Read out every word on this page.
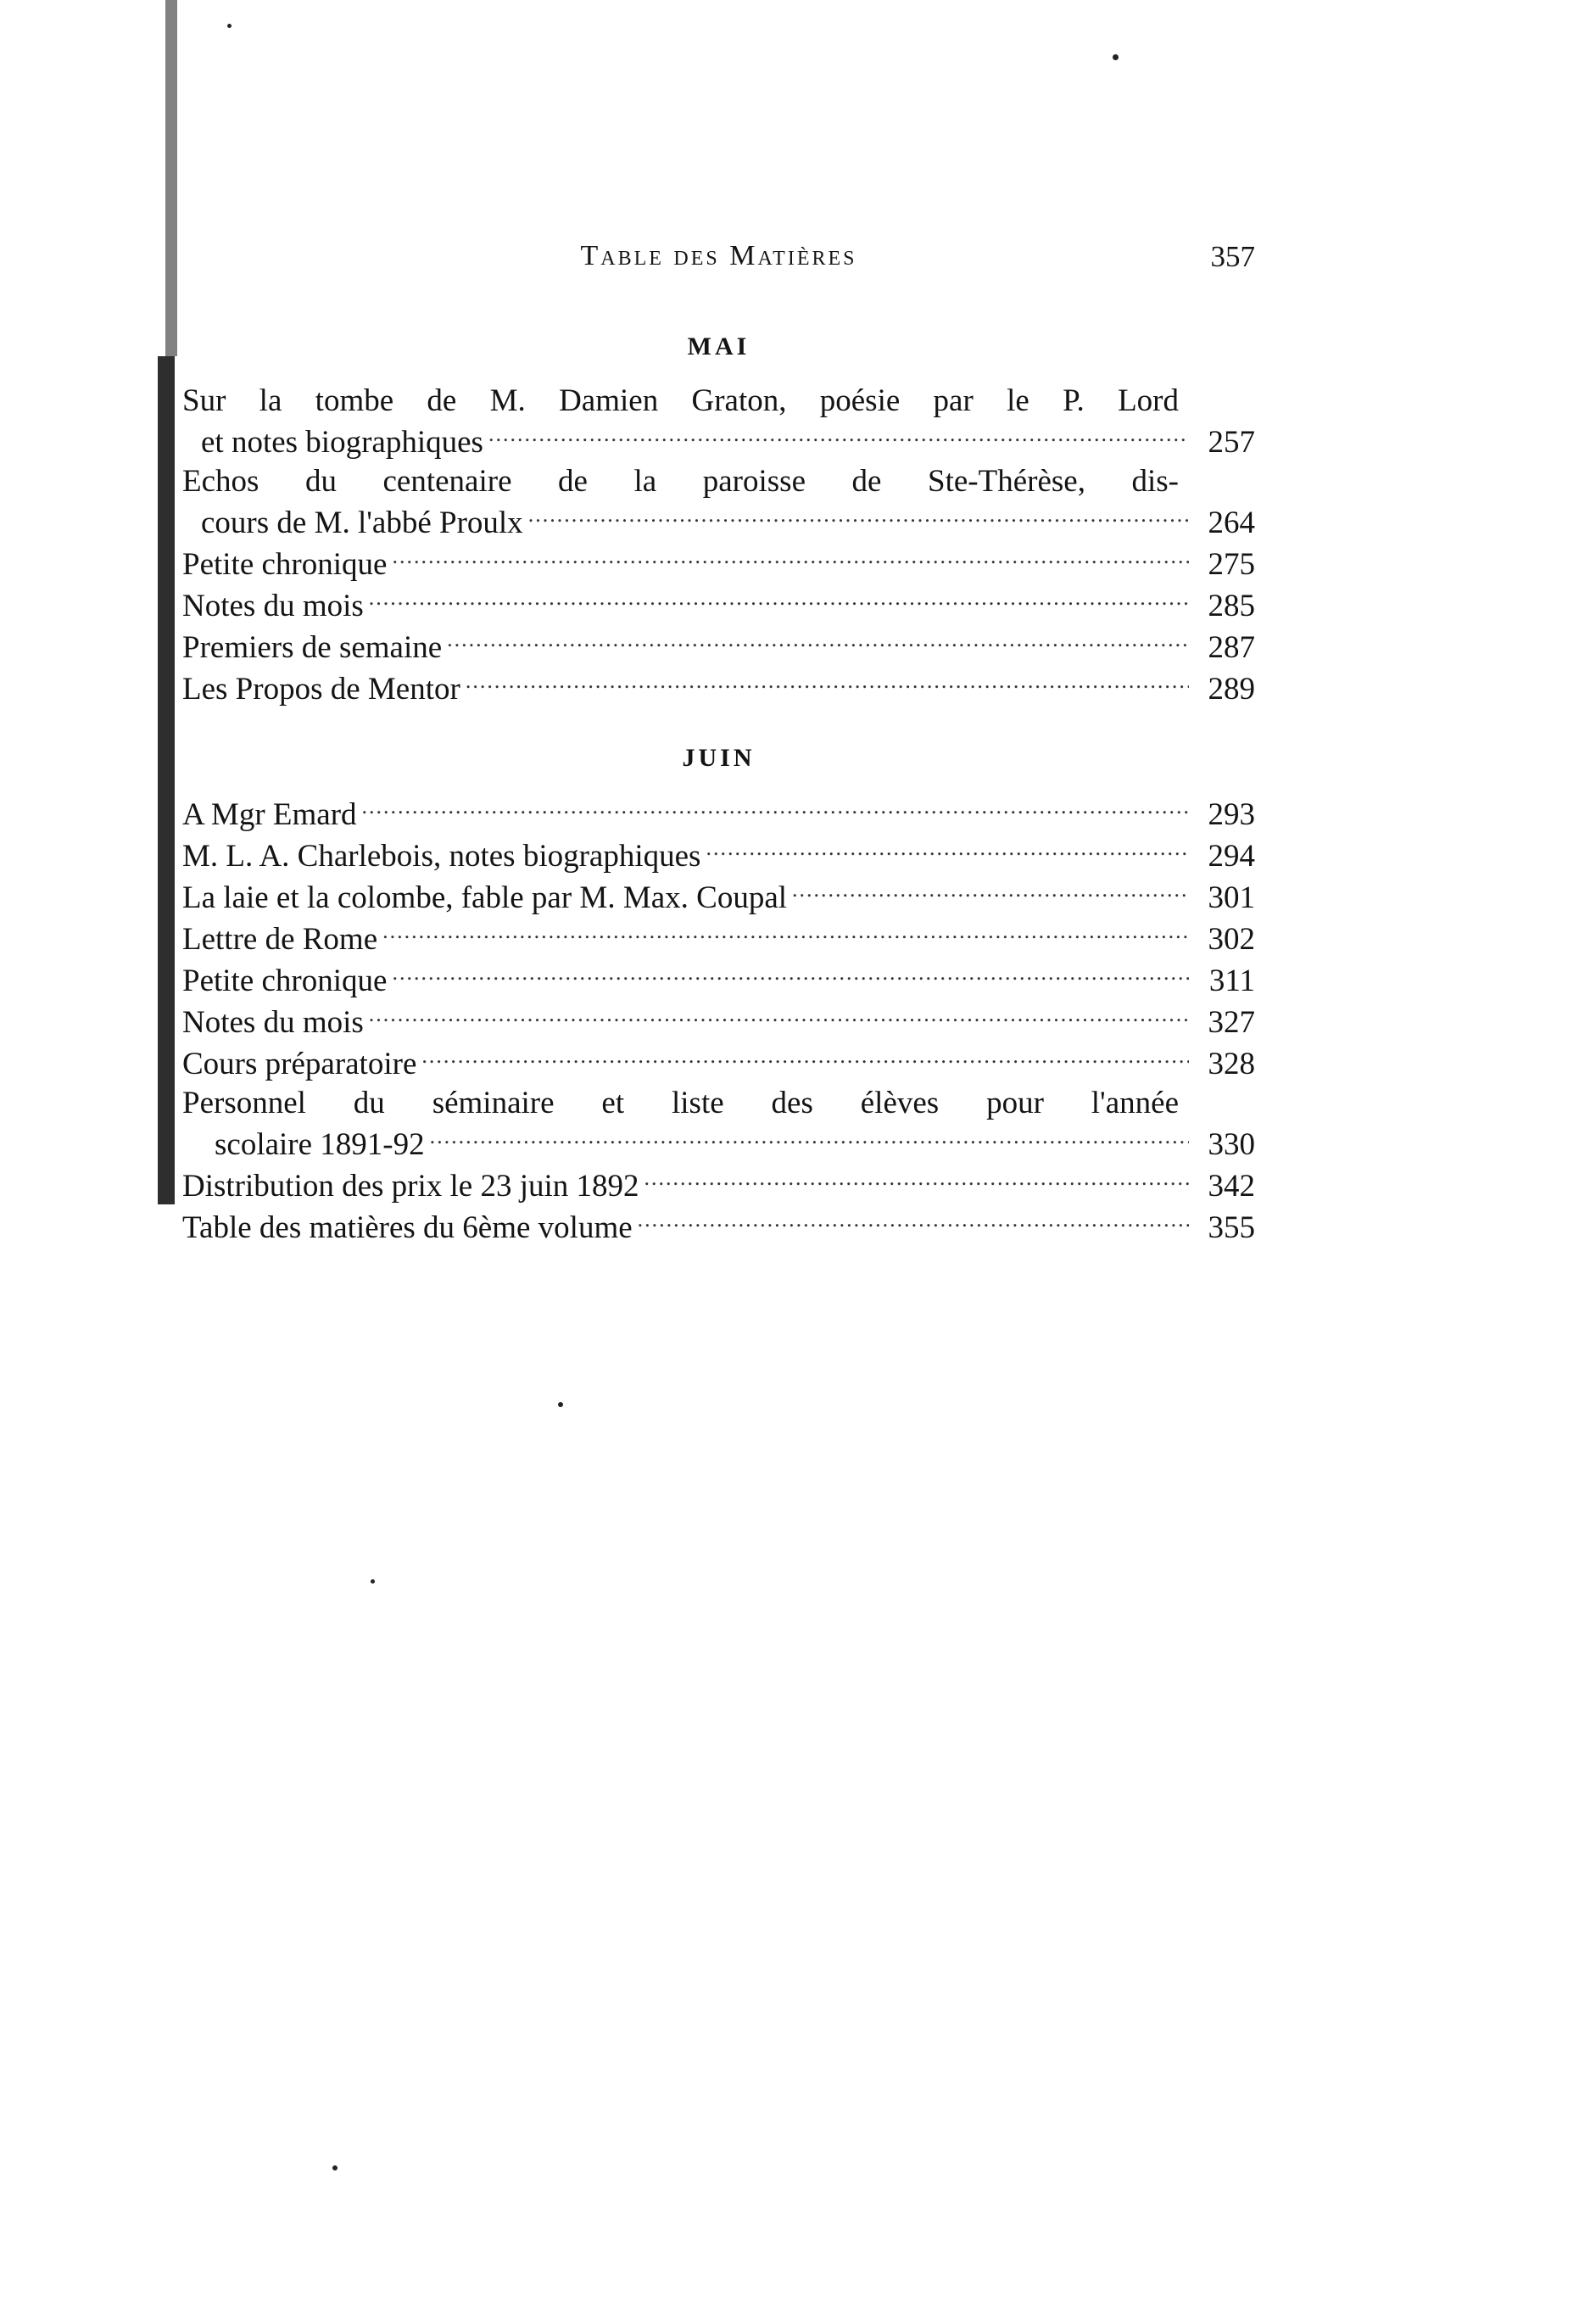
Table des Matières	357
MAI
Sur la tombe de M. Damien Graton, poésie par le P. Lord
et notes biographiques .....	257
Echos du centenaire de la paroisse de Ste-Thérèse, dis-
cours de M. l'abbé Proulx .....	264
Petite chronique .....	275
Notes du mois .....	285
Premiers de semaine .....	287
Les Propos de Mentor .....	289
JUIN
A Mgr Emard .....	293
M. L. A. Charlebois, notes biographiques .....	294
La laie et la colombe, fable par M. Max. Coupal .....	301
Lettre de Rome .....	302
Petite chronique .....	311
Notes du mois .....	327
Cours préparatoire .....	328
Personnel du séminaire et liste des élèves pour l'année
scolaire 1891-92 .....	330
Distribution des prix le 23 juin 1892 .....	342
Table des matières du 6ème volume .....	355
